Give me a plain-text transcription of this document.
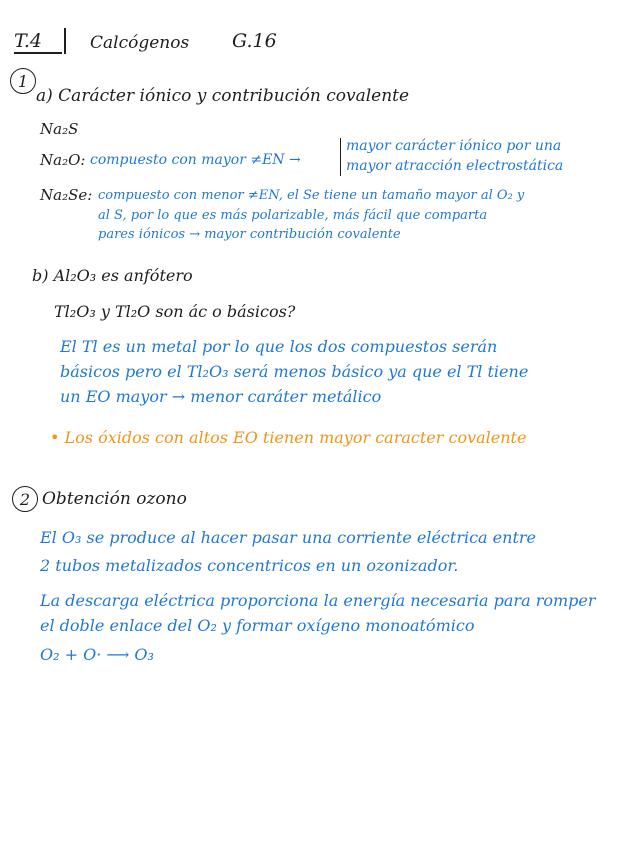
T.4	Calcógenos G.16
1
a) Carácter iónico y contribución covalente
Na₂S
Na₂O: compuesto con mayor ≠EN →
mayor carácter iónico por una
mayor atracción electrostática
Na₂Se: compuesto con menor ≠EN, el Se tiene un tamaño mayor al O₂ y
al S, por lo que es más polarizable, más fácil que comparta
pares iónicos → mayor contribución covalente
b) Al₂O₃ es anfótero
Tl₂O₃ y Tl₂O son ác o básicos?
El Tl es un metal por lo que los dos compuestos serán
básicos pero el Tl₂O₃ será menos básico ya que el Tl tiene
un EO mayor → menor caráter metálico
• Los óxidos con altos EO tienen mayor caracter covalente
2 Obtención ozono
El O₃ se produce al hacer pasar una corriente eléctrica entre
2 tubos metalizados concentricos en un ozonizador.
La descarga eléctrica proporciona la energía necesaria para romper
el doble enlace del O₂ y formar oxígeno monoatómico
O₂ + O· ⟶ O₃
